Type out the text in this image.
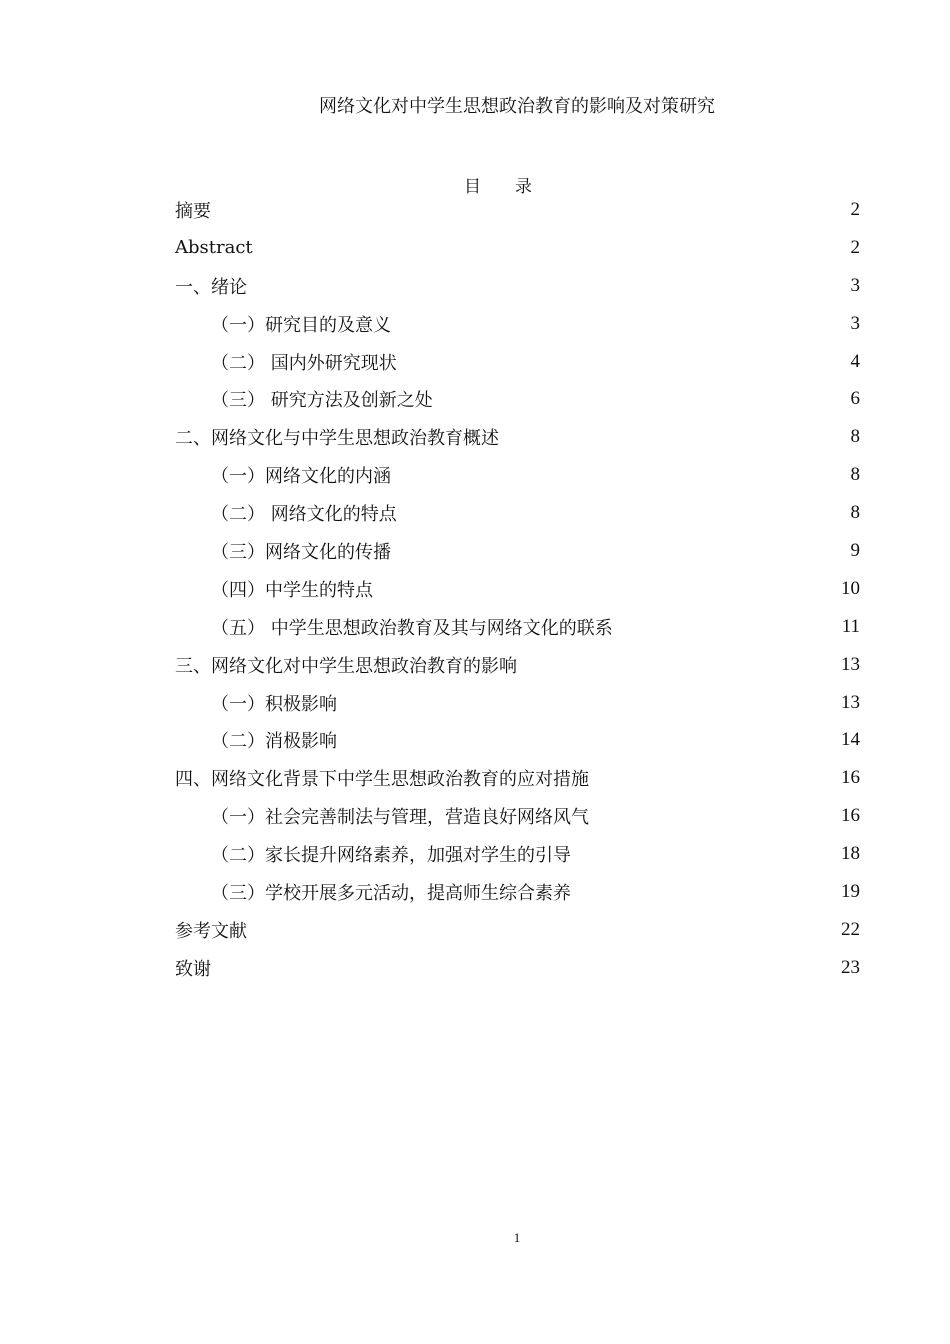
网络文化对中学生思想政治教育的影响及对策研究
目　　录
摘要	2
Abstract	2
一、绪论	3
（一）研究目的及意义	3
（二） 国内外研究现状	4
（三） 研究方法及创新之处	6
二、网络文化与中学生思想政治教育概述	8
（一）网络文化的内涵	8
（二） 网络文化的特点	8
（三）网络文化的传播	9
（四）中学生的特点	10
（五） 中学生思想政治教育及其与网络文化的联系	11
三、网络文化对中学生思想政治教育的影响	13
（一）积极影响	13
（二）消极影响	14
四、网络文化背景下中学生思想政治教育的应对措施	16
（一）社会完善制法与管理，营造良好网络风气	16
（二）家长提升网络素养，加强对学生的引导	18
（三）学校开展多元活动，提高师生综合素养	19
参考文献	22
致谢	23
1
